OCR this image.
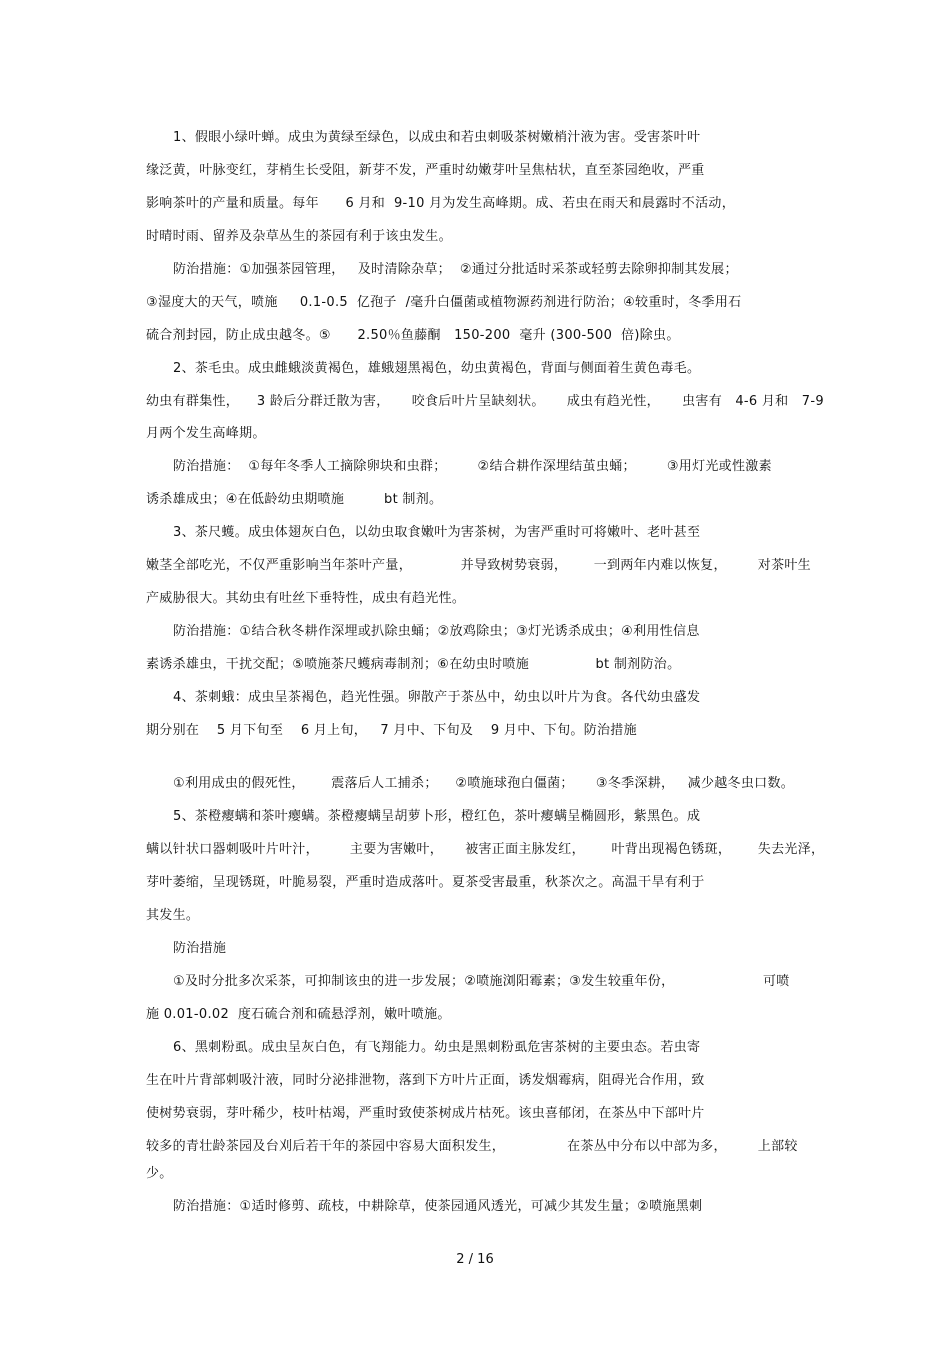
1、假眼小绿叶蝉。成虫为黄绿至绿色，以成虫和若虫刺吸茶树嫩梢汁液为害。受害茶叶叶
缘泛黄，叶脉变红，芽梢生长受阻，新芽不发，严重时幼嫩芽叶呈焦枯状，直至茶园绝收，严重
影响茶叶的产量和质量。每年      6 月和  9-10 月为发生高峰期。成、若虫在雨天和晨露时不活动，
时晴时雨、留养及杂草丛生的茶园有利于该虫发生。
防治措施：①加强茶园管理，   及时清除杂草；  ②通过分批适时采茶或轻剪去除卵抑制其发展；
③湿度大的天气，喷施     0.1-0.5  亿孢子  /毫升白僵菌或植物源药剂进行防治；④较重时，冬季用石
硫合剂封园，防止成虫越冬。⑤      2.50％鱼藤酮   150-200  毫升 (300-500  倍)除虫。
2、茶毛虫。成虫雌蛾淡黄褐色，雄蛾翅黑褐色，幼虫黄褐色，背面与侧面着生黄色毒毛。
幼虫有群集性，    3 龄后分群迁散为害，     咬食后叶片呈缺刻状。     成虫有趋光性，     虫害有   4-6 月和   7-9
月两个发生高峰期。
防治措施：  ①每年冬季人工摘除卵块和虫群；       ②结合耕作深埋结茧虫蛹；       ③用灯光或性激素
诱杀雄成虫；④在低龄幼虫期喷施         bt 制剂。
3、茶尺蠖。成虫体翅灰白色，以幼虫取食嫩叶为害茶树，为害严重时可将嫩叶、老叶甚至
嫩茎全部吃光，不仅严重影响当年茶叶产量，           并导致树势衰弱，      一到两年内难以恢复，       对茶叶生
产威胁很大。其幼虫有吐丝下垂特性，成虫有趋光性。
防治措施：①结合秋冬耕作深埋或扒除虫蛹；②放鸡除虫；③灯光诱杀成虫；④利用性信息
素诱杀雄虫，干扰交配；⑤喷施茶尺蠖病毒制剂；⑥在幼虫时喷施               bt 制剂防治。
4、茶刺蛾：成虫呈茶褐色，趋光性强。卵散产于茶丛中，幼虫以叶片为食。各代幼虫盛发
期分别在    5 月下旬至    6 月上旬，   7 月中、下旬及    9 月中、下旬。防治措施
①利用成虫的假死性，      震落后人工捕杀；    ②喷施球孢白僵菌；     ③冬季深耕，   减少越冬虫口数。
5、茶橙瘿螨和茶叶瘿螨。茶橙瘿螨呈胡萝卜形，橙红色，茶叶瘿螨呈椭圆形，紫黑色。成
螨以针状口器刺吸叶片叶汁，       主要为害嫩叶，     被害正面主脉发红，      叶背出现褐色锈斑，      失去光泽，
芽叶萎缩，呈现锈斑，叶脆易裂，严重时造成落叶。夏茶受害最重，秋茶次之。高温干旱有利于
其发生。
防治措施
①及时分批多次采茶，可抑制该虫的进一步发展；②喷施浏阳霉素；③发生较重年份，                    可喷
施 0.01-0.02  度石硫合剂和硫悬浮剂，嫩叶喷施。
6、黑刺粉虱。成虫呈灰白色，有飞翔能力。幼虫是黑刺粉虱危害茶树的主要虫态。若虫寄
生在叶片背部刺吸汁液，同时分泌排泄物，落到下方叶片正面，诱发烟霉病，阻碍光合作用，致
使树势衰弱，芽叶稀少，枝叶枯竭，严重时致使茶树成片枯死。该虫喜郁闭，在茶丛中下部叶片
较多的青壮龄茶园及台刈后若干年的茶园中容易大面积发生，              在茶丛中分布以中部为多，       上部较
少。
防治措施：①适时修剪、疏枝，中耕除草，使茶园通风透光，可减少其发生量；②喷施黑刺
2 / 16
